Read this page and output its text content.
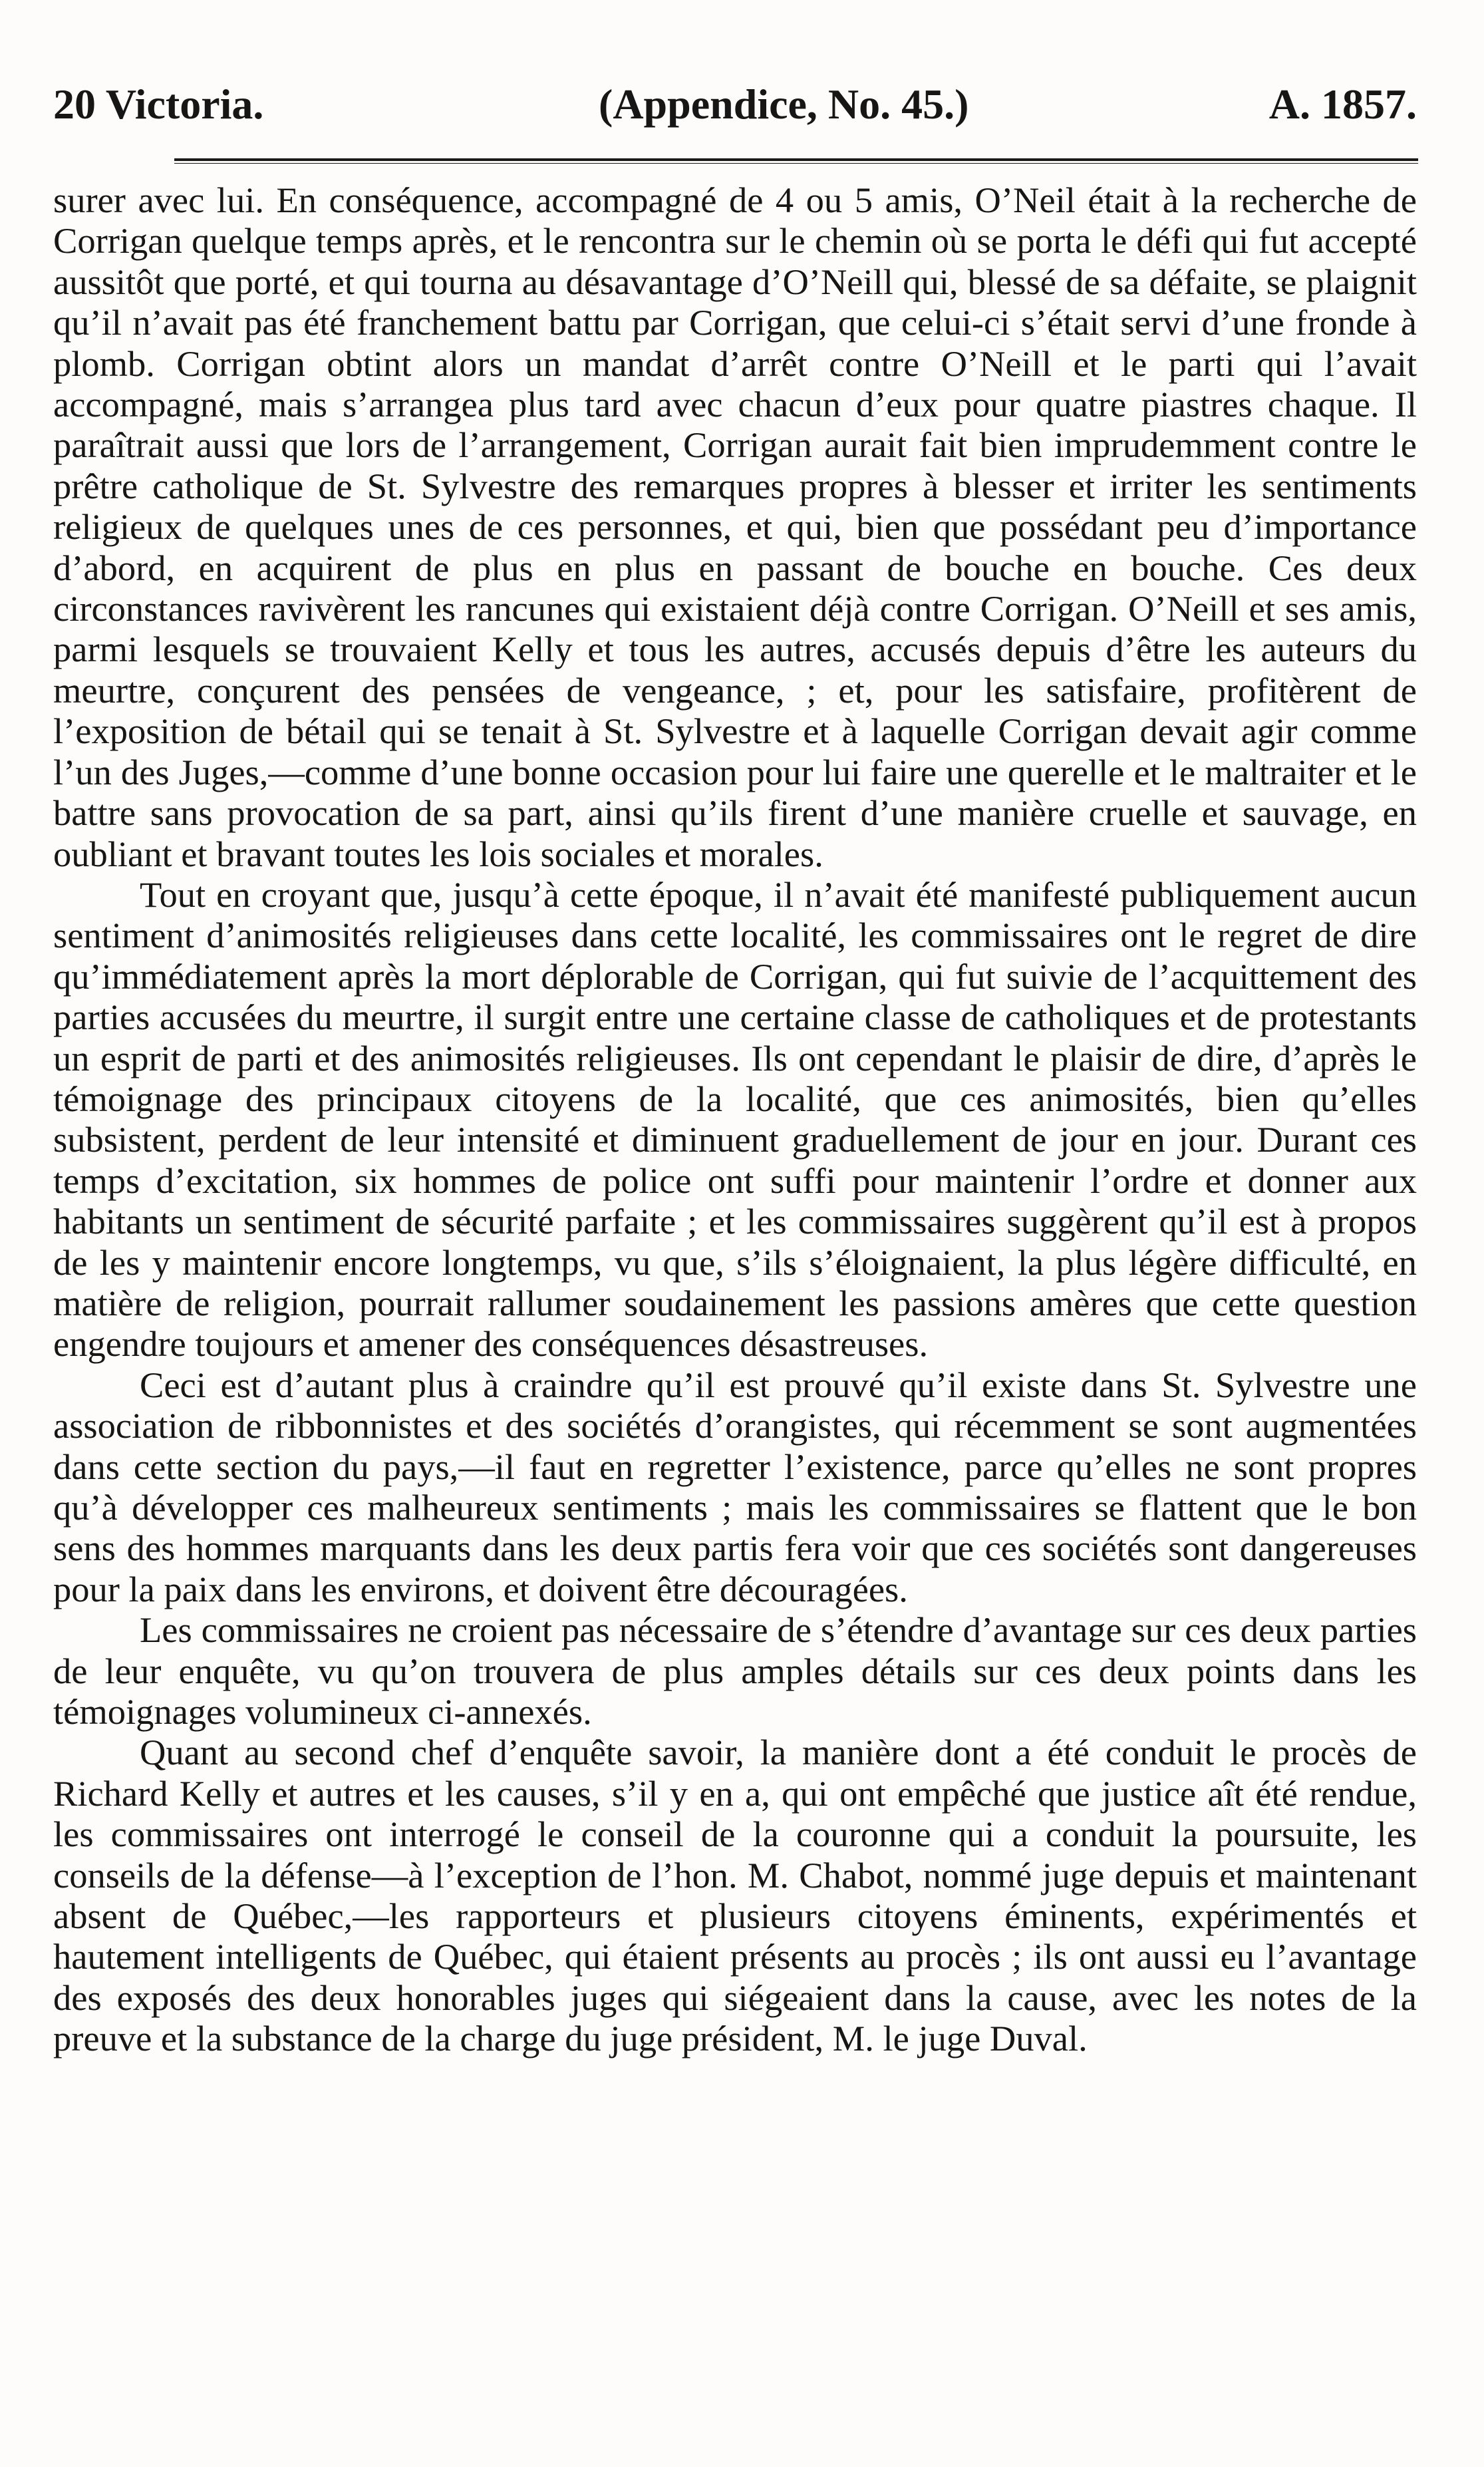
20 Victoria.	(Appendice, No. 45.)	A. 1857.

surer avec lui. En conséquence, accompagné de 4 ou 5 amis, O’Neil était à la recherche de Corrigan quelque temps après, et le rencontra sur le chemin où se porta le défi qui fut accepté aussitôt que porté, et qui tourna au désavantage d’O’Neill qui, blessé de sa défaite, se plaignit qu’il n’avait pas été franchement battu par Corrigan, que celui-ci s’était servi d’une fronde à plomb. Corrigan obtint alors un mandat d’arrêt contre O’Neill et le parti qui l’avait accompagné, mais s’arrangea plus tard avec chacun d’eux pour quatre piastres chaque. Il paraîtrait aussi que lors de l’arrangement, Corrigan aurait fait bien imprudemment contre le prêtre catholique de St. Sylvestre des remarques propres à blesser et irriter les sentiments religieux de quelques unes de ces personnes, et qui, bien que possédant peu d’importance d’abord, en acquirent de plus en plus en passant de bouche en bouche. Ces deux circonstances ravivèrent les rancunes qui existaient déjà contre Corrigan. O’Neill et ses amis, parmi lesquels se trouvaient Kelly et tous les autres, accusés depuis d’être les auteurs du meurtre, conçurent des pensées de vengeance, ; et, pour les satisfaire, profitèrent de l’exposition de bétail qui se tenait à St. Sylvestre et à laquelle Corrigan devait agir comme l’un des Juges,—comme d’une bonne occasion pour lui faire une querelle et le maltraiter et le battre sans provocation de sa part, ainsi qu’ils firent d’une manière cruelle et sauvage, en oubliant et bravant toutes les lois sociales et morales.

Tout en croyant que, jusqu’à cette époque, il n’avait été manifesté publiquement aucun sentiment d’animosités religieuses dans cette localité, les commissaires ont le regret de dire qu’immédiatement après la mort déplorable de Corrigan, qui fut suivie de l’acquittement des parties accusées du meurtre, il surgit entre une certaine classe de catholiques et de protestants un esprit de parti et des animosités religieuses. Ils ont cependant le plaisir de dire, d’après le témoignage des principaux citoyens de la localité, que ces animosités, bien qu’elles subsistent, perdent de leur intensité et diminuent graduellement de jour en jour. Durant ces temps d’excitation, six hommes de police ont suffi pour maintenir l’ordre et donner aux habitants un sentiment de sécurité parfaite ; et les commissaires suggèrent qu’il est à propos de les y maintenir encore longtemps, vu que, s’ils s’éloignaient, la plus légère difficulté, en matière de religion, pourrait rallumer soudainement les passions amères que cette question engendre toujours et amener des conséquences désastreuses.

Ceci est d’autant plus à craindre qu’il est prouvé qu’il existe dans St. Sylvestre une association de ribbonnistes et des sociétés d’orangistes, qui récemment se sont augmentées dans cette section du pays,—il faut en regretter l’existence, parce qu’elles ne sont propres qu’à développer ces malheureux sentiments ; mais les commissaires se flattent que le bon sens des hommes marquants dans les deux partis fera voir que ces sociétés sont dangereuses pour la paix dans les environs, et doivent être découragées.

Les commissaires ne croient pas nécessaire de s’étendre d’avantage sur ces deux parties de leur enquête, vu qu’on trouvera de plus amples détails sur ces deux points dans les témoignages volumineux ci-annexés.

Quant au second chef d’enquête savoir, la manière dont a été conduit le procès de Richard Kelly et autres et les causes, s’il y en a, qui ont empêché que justice aît été rendue, les commissaires ont interrogé le conseil de la couronne qui a conduit la poursuite, les conseils de la défense—à l’exception de l’hon. M. Chabot, nommé juge depuis et maintenant absent de Québec,—les rapporteurs et plusieurs citoyens éminents, expérimentés et hautement intelligents de Québec, qui étaient présents au procès ; ils ont aussi eu l’avantage des exposés des deux honorables juges qui siégeaient dans la cause, avec les notes de la preuve et la substance de la charge du juge président, M. le juge Duval.
